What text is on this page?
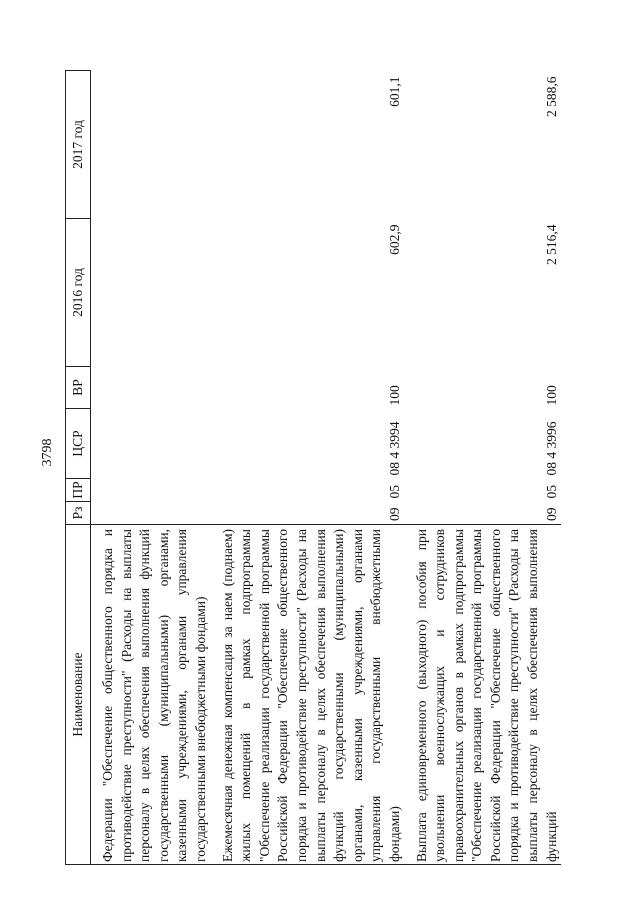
3798
Наименование	Рз	ПР	ЦСР	ВР	2016 год	2017 год

Федерации "Обеспечение общественного порядка и противодействие преступности" (Расходы на выплаты персоналу в целях обеспечения выполнения функций государственными (муниципальными) органами, казенными учреждениями, органами управления государственными внебюджетными фондами)						

Ежемесячная денежная компенсация за наем (поднаем) жилых помещений в рамках подпрограммы "Обеспечение реализации государственной программы Российской Федерации "Обеспечение общественного порядка и противодействие преступности" (Расходы на выплаты персоналу в целях обеспечения выполнения функций государственными (муниципальными) органами, казенными учреждениями, органами управления государственными внебюджетными фондами)	09	05	08 4 3994	100	602,9	601,1

Выплата единовременного (выходного) пособия при увольнении военнослужащих и сотрудников правоохранительных органов в рамках подпрограммы "Обеспечение реализации государственной программы Российской Федерации "Обеспечение общественного порядка и противодействие преступности" (Расходы на выплаты персоналу в целях обеспечения выполнения функций	09	05	08 4 3996	100	2 516,4	2 588,6
